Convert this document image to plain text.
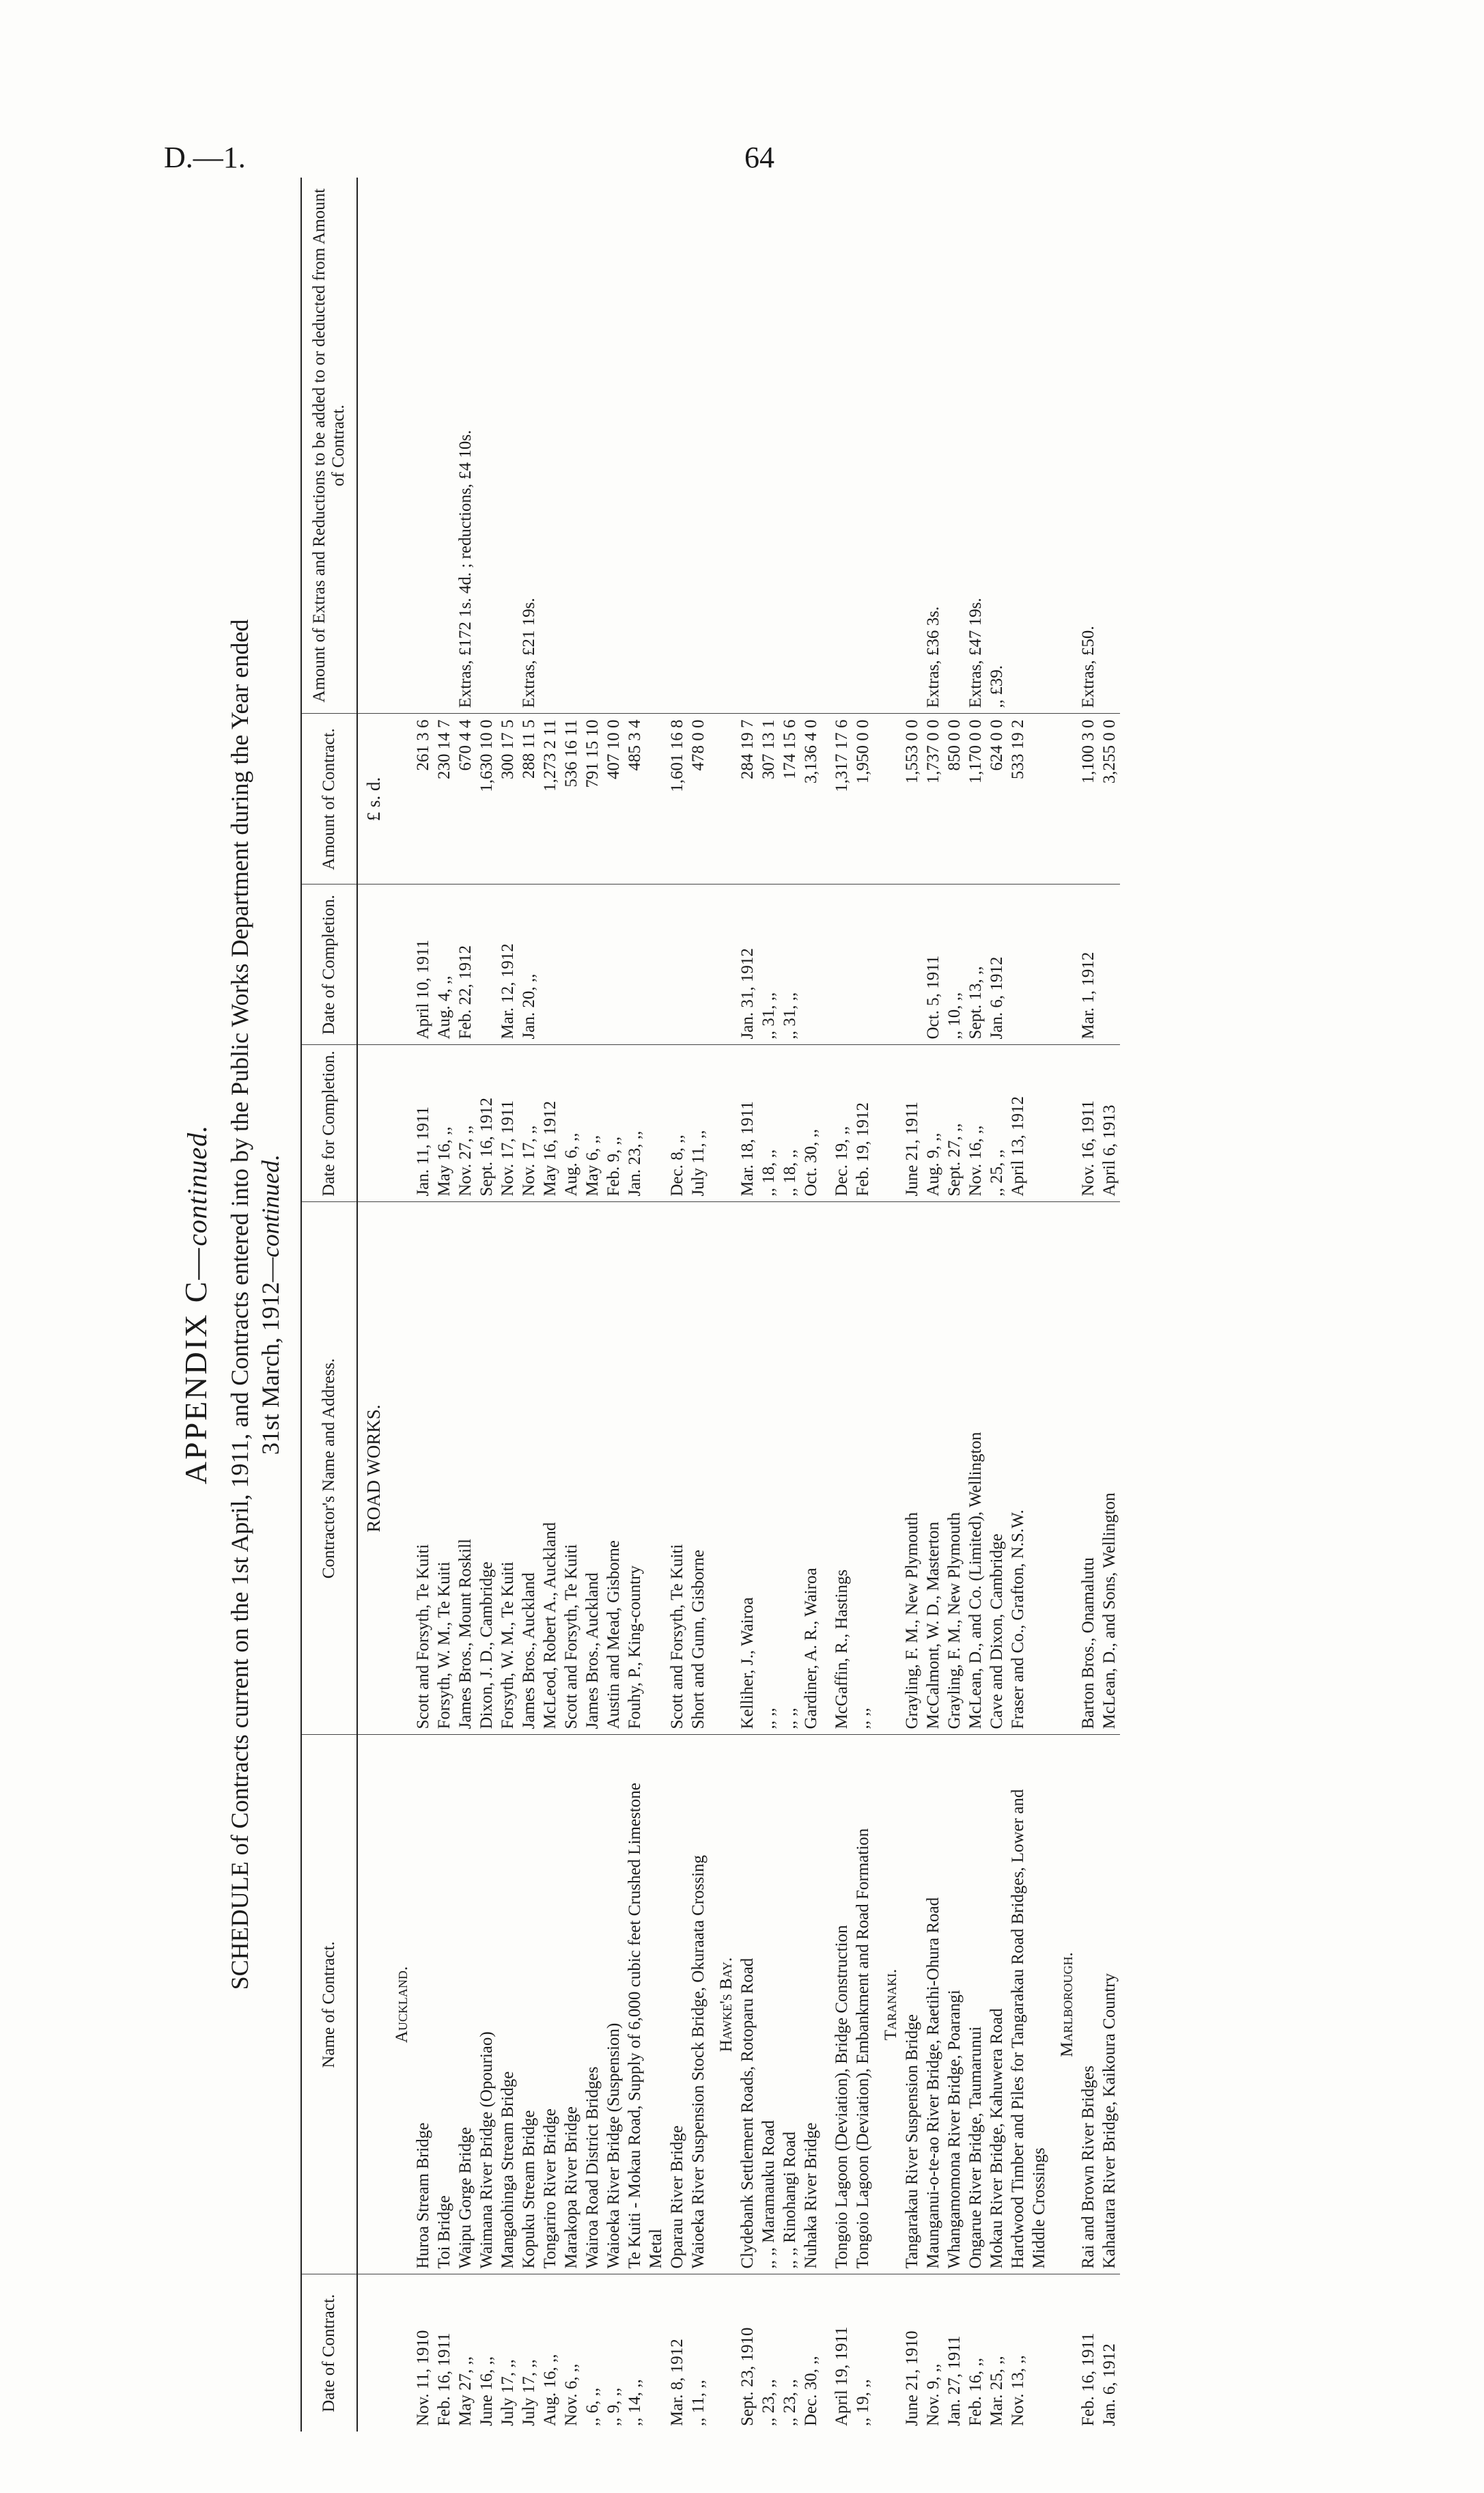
D.—1.	64
APPENDIX C—continued. SCHEDULE of Contracts current on the 1st April, 1911, and Contracts entered into by the Public Works Department during the Year ended 31st March, 1912—continued.
Date of Contract.	Name of Contract.	Contractor's Name and Address.	Date for Completion.	Date of Completion.	Amount of Contract.	Amount of Extras and Reductions to be added to or deducted from Amount of Contract.
		ROAD WORKS.			£ s. d.	
	Auckland.					
Nov. 11, 1910	Huroa Stream Bridge	Scott and Forsyth, Te Kuiti	Jan. 11, 1911	April 10, 1911	261 3 6	
Feb. 16, 1911	Toi Bridge	Forsyth, W. M., Te Kuiti	May 16, ,,	Aug. 4, ,,	230 14 7	
May 27, ,,	Waipu Gorge Bridge	James Bros., Mount Roskill	Nov. 27, ,,	Feb. 22, 1912	670 4 4	Extras, £172 1s. 4d. ; reductions, £4 10s.
June 16, ,,	Waimana River Bridge (Opouriao)	Dixon, J. D., Cambridge	Sept. 16, 1912		1,630 10 0	
July 17, ,,	Mangaohinga Stream Bridge	Forsyth, W. M., Te Kuiti	Nov. 17, 1911	Mar. 12, 1912	300 17 5	
July 17, ,,	Kopuku Stream Bridge	James Bros., Auckland	Nov. 17, ,,	Jan. 20, ,,	288 11 5	Extras, £21 19s.
Aug. 16, ,,	Tongariro River Bridge	McLeod, Robert A., Auckland	May 16, 1912		1,273 2 11	
Nov. 6, ,,	Marakopa River Bridge	Scott and Forsyth, Te Kuiti	Aug. 6, ,,		536 16 11	
,, 6, ,,	Wairoa Road District Bridges	James Bros., Auckland	May 6, ,,		791 15 10	
,, 9, ,,	Waioeka River Bridge (Suspension)	Austin and Mead, Gisborne	Feb. 9, ,,		407 10 0	
,, 14, ,,	Te Kuiti - Mokau Road, Supply of 6,000 cubic feet Crushed Limestone Metal	Fouhy, P., King-country	Jan. 23, ,,		485 3 4	
Mar. 8, 1912	Oparau River Bridge	Scott and Forsyth, Te Kuiti	Dec. 8, ,,		1,601 16 8	
,, 11, ,,	Waioeka River Suspension Stock Bridge, Okuraata Crossing	Short and Gunn, Gisborne	July 11, ,,		478 0 0	
	Hawke's Bay.					
Sept. 23, 1910	Clydebank Settlement Roads, Rotoparu Road	Kelliher, J., Wairoa	Mar. 18, 1911	Jan. 31, 1912	284 19 7	
,, 23, ,,	,, ,, Maramauku Road	,, ,,	,, 18, ,,	,, 31, ,,	307 13 1	
,, 23, ,,	,, ,, Rinohangi Road	,, ,,	,, 18, ,,	,, 31, ,,	174 15 6	
Dec. 30, ,,	Nuhaka River Bridge	Gardiner, A. R., Wairoa	Oct. 30, ,,		3,136 4 0	
April 19, 1911	Tongoio Lagoon (Deviation), Bridge Construction	McGaffin, R., Hastings	Dec. 19, ,,		1,317 17 6	
,, 19, ,,	Tongoio Lagoon (Deviation), Embankment and Road Formation	,, ,,	Feb. 19, 1912		1,950 0 0	
	Taranaki.					
June 21, 1910	Tangarakau River Suspension Bridge	Grayling, F. M., New Plymouth	June 21, 1911		1,553 0 0	
Nov. 9, ,,	Maunganui-o-te-ao River Bridge, Raetihi-Ohura Road	McCalmont, W. D., Masterton	Aug. 9, ,,	Oct. 5, 1911	1,737 0 0	Extras, £36 3s.
Jan. 27, 1911	Whangamomona River Bridge, Poarangi	Grayling, F. M., New Plymouth	Sept. 27, ,,	,, 10, ,,	850 0 0	
Feb. 16, ,,	Ongarue River Bridge, Taumarunui	McLean, D., and Co. (Limited), Wellington	Nov. 16, ,,	Sept. 13, ,,	1,170 0 0	Extras, £47 19s.
Mar. 25, ,,	Mokau River Bridge, Kahuwera Road	Cave and Dixon, Cambridge	,, 25, ,,	Jan. 6, 1912	624 0 0	,, £39.
Nov. 13, ,,	Hardwood Timber and Piles for Tangarakau Road Bridges, Lower and Middle Crossings	Fraser and Co., Grafton, N.S.W.	April 13, 1912		533 19 2	
	Marlborough.					
Feb. 16, 1911	Rai and Brown River Bridges	Barton Bros., Onamalutu	Nov. 16, 1911	Mar. 1, 1912	1,100 3 0	Extras, £50.
Jan. 6, 1912	Kahautara River Bridge, Kaikoura Country	McLean, D., and Sons, Wellington	April 6, 1913		3,255 0 0	
